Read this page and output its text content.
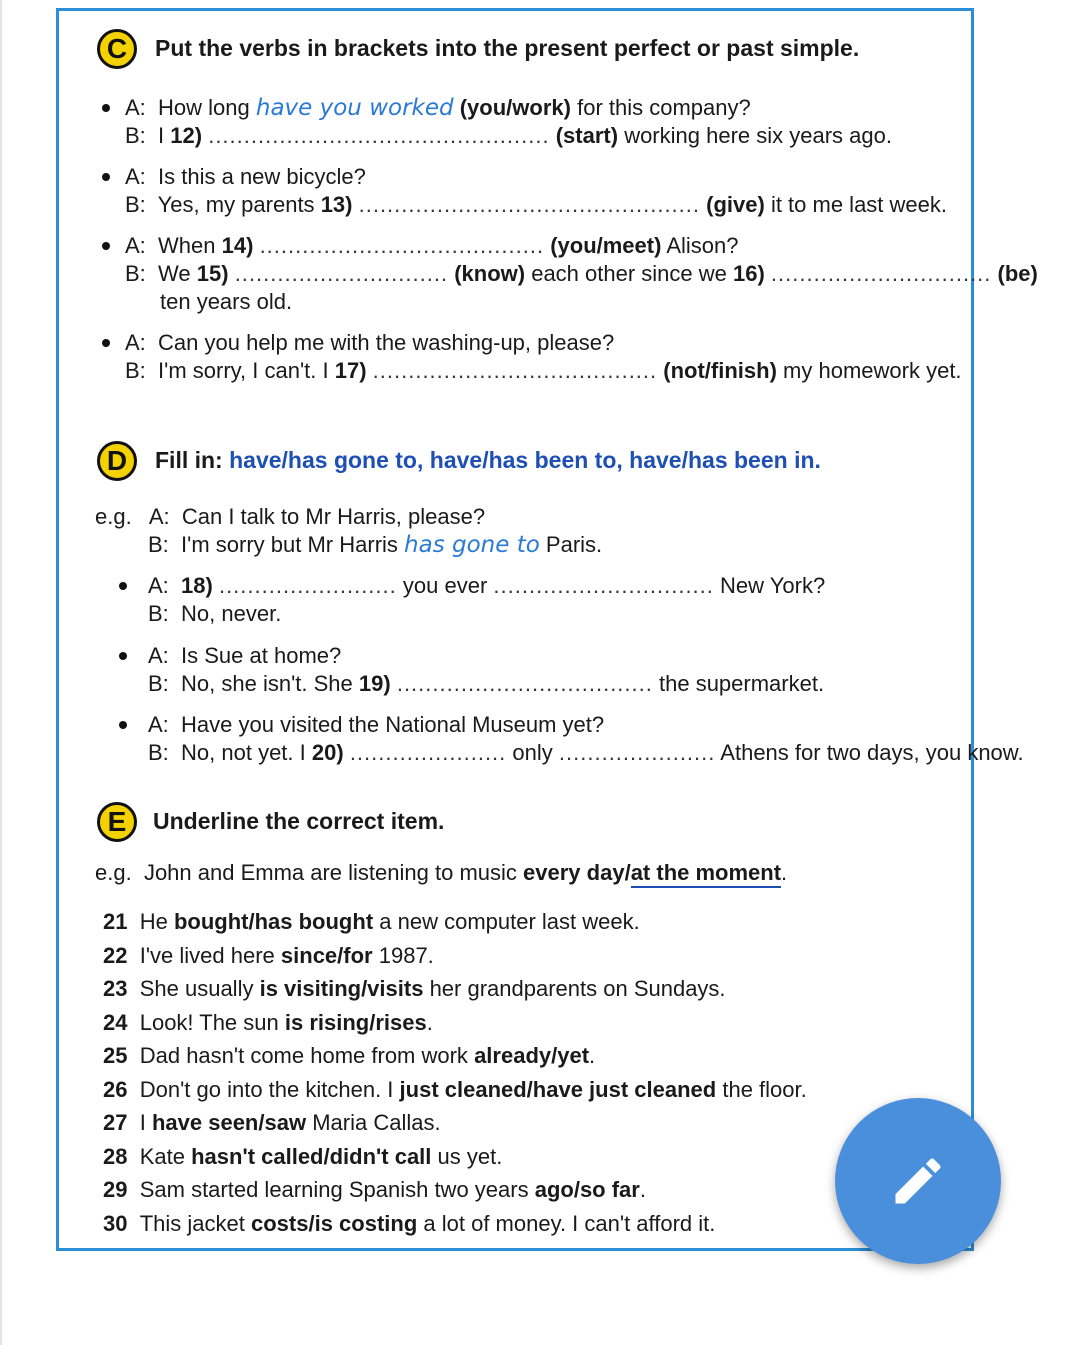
C	Put the verbs in brackets into the present perfect or past simple.
A: How long have you worked (you/work) for this company?
B: I 12) ................................................ (start) working here six years ago.
A: Is this a new bicycle?
B: Yes, my parents 13) ................................................ (give) it to me last week.
A: When 14) ........................................ (you/meet) Alison?
B: We 15) .............................. (know) each other since we 16) ............................... (be)
ten years old.
A: Can you help me with the washing-up, please?
B: I'm sorry, I can't. I 17) ........................................ (not/finish) my homework yet.
D	Fill in: have/has gone to, have/has been to, have/has been in.
e.g. A: Can I talk to Mr Harris, please?
B: I'm sorry but Mr Harris has gone to Paris.
A: 18) ......................... you ever ............................... New York?
B: No, never.
A: Is Sue at home?
B: No, she isn't. She 19) .................................... the supermarket.
A: Have you visited the National Museum yet?
B: No, not yet. I 20) ...................... only ...................... Athens for two days, you know.
E	Underline the correct item.
e.g. John and Emma are listening to music every day/at the moment.
21 He bought/has bought a new computer last week.
22 I've lived here since/for 1987.
23 She usually is visiting/visits her grandparents on Sundays.
24 Look! The sun is rising/rises.
25 Dad hasn't come home from work already/yet.
26 Don't go into the kitchen. I just cleaned/have just cleaned the floor.
27 I have seen/saw Maria Callas.
28 Kate hasn't called/didn't call us yet.
29 Sam started learning Spanish two years ago/so far.
30 This jacket costs/is costing a lot of money. I can't afford it.
